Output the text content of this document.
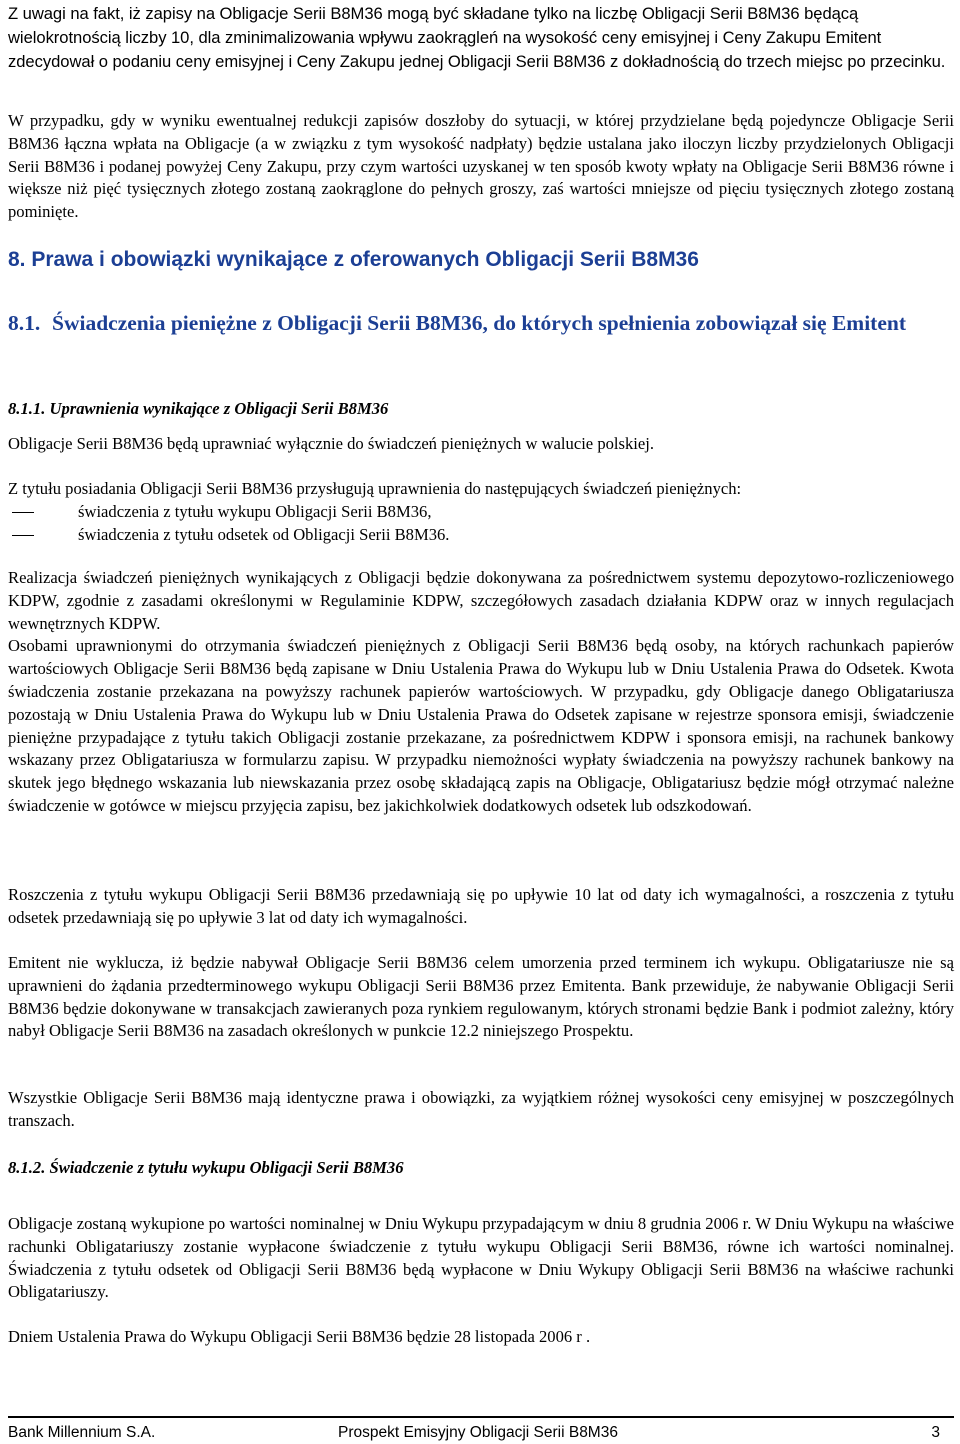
Z uwagi na fakt, iż zapisy na Obligacje Serii B8M36 mogą być składane tylko na liczbę Obligacji Serii B8M36 będącą wielokrotnością liczby 10, dla zminimalizowania wpływu zaokrągleń na wysokość ceny emisyjnej i Ceny Zakupu Emitent zdecydował o podaniu ceny emisyjnej i Ceny Zakupu jednej Obligacji Serii B8M36 z dokładnością do trzech miejsc po przecinku.

W przypadku, gdy w wyniku ewentualnej redukcji zapisów doszłoby do sytuacji, w której przydzielane będą pojedyncze Obligacje Serii B8M36 łączna wpłata na Obligacje (a w związku z tym wysokość nadpłaty) będzie ustalana jako iloczyn liczby przydzielonych Obligacji Serii B8M36 i podanej powyżej Ceny Zakupu, przy czym wartości uzyskanej w ten sposób kwoty wpłaty na Obligacje Serii B8M36 równe i większe niż pięć tysięcznych złotego zostaną zaokrąglone do pełnych groszy, zaś wartości mniejsze od pięciu tysięcznych złotego zostaną pominięte.

8. Prawa i obowiązki wynikające z oferowanych Obligacji Serii B8M36
8.1. Świadczenia pieniężne z Obligacji Serii B8M36, do których spełnienia zobowiązał się Emitent
8.1.1. Uprawnienia wynikające z Obligacji Serii B8M36

Obligacje Serii B8M36 będą uprawniać wyłącznie do świadczeń pieniężnych w walucie polskiej.

Z tytułu posiadania Obligacji Serii B8M36 przysługują uprawnienia do następujących świadczeń pieniężnych:

świadczenia z tytułu wykupu Obligacji Serii B8M36,
świadczenia z tytułu odsetek od Obligacji Serii B8M36.

Realizacja świadczeń pieniężnych wynikających z Obligacji będzie dokonywana za pośrednictwem systemu depozytowo-rozliczeniowego KDPW, zgodnie z zasadami określonymi w Regulaminie KDPW, szczegółowych zasadach działania KDPW oraz w innych regulacjach wewnętrznych KDPW.

Osobami uprawnionymi do otrzymania świadczeń pieniężnych z Obligacji Serii B8M36 będą osoby, na których rachunkach papierów wartościowych Obligacje Serii B8M36 będą zapisane w Dniu Ustalenia Prawa do Wykupu lub w Dniu Ustalenia Prawa do Odsetek. Kwota świadczenia zostanie przekazana na powyższy rachunek papierów wartościowych. W przypadku, gdy Obligacje danego Obligatariusza pozostają w Dniu Ustalenia Prawa do Wykupu lub w Dniu Ustalenia Prawa do Odsetek zapisane w rejestrze sponsora emisji, świadczenie pieniężne przypadające z tytułu takich Obligacji zostanie przekazane, za pośrednictwem KDPW i sponsora emisji, na rachunek bankowy wskazany przez Obligatariusza w formularzu zapisu. W przypadku niemożności wypłaty świadczenia na powyższy rachunek bankowy na skutek jego błędnego wskazania lub niewskazania przez osobę składającą zapis na Obligacje, Obligatariusz będzie mógł otrzymać należne świadczenie w gotówce w miejscu przyjęcia zapisu, bez jakichkolwiek dodatkowych odsetek lub odszkodowań.

Roszczenia z tytułu wykupu Obligacji Serii B8M36 przedawniają się po upływie 10 lat od daty ich wymagalności, a roszczenia z tytułu odsetek przedawniają się po upływie 3 lat od daty ich wymagalności.

Emitent nie wyklucza, iż będzie nabywał Obligacje Serii B8M36 celem umorzenia przed terminem ich wykupu. Obligatariusze nie są uprawnieni do żądania przedterminowego wykupu Obligacji Serii B8M36 przez Emitenta. Bank przewiduje, że nabywanie Obligacji Serii B8M36 będzie dokonywane w transakcjach zawieranych poza rynkiem regulowanym, których stronami będzie Bank i podmiot zależny, który nabył Obligacje Serii B8M36 na zasadach określonych w punkcie 12.2 niniejszego Prospektu.

Wszystkie Obligacje Serii B8M36 mają identyczne prawa i obowiązki, za wyjątkiem różnej wysokości ceny emisyjnej w poszczególnych transzach.

8.1.2. Świadczenie z tytułu wykupu Obligacji Serii B8M36

Obligacje zostaną wykupione po wartości nominalnej w Dniu Wykupu przypadającym w dniu 8 grudnia 2006 r. W Dniu Wykupu na właściwe rachunki Obligatariuszy zostanie wypłacone świadczenie z tytułu wykupu Obligacji Serii B8M36, równe ich wartości nominalnej. Świadczenia z tytułu odsetek od Obligacji Serii B8M36 będą wypłacone w Dniu Wykupy Obligacji Serii B8M36 na właściwe rachunki Obligatariuszy.

Dniem Ustalenia Prawa do Wykupu Obligacji Serii B8M36 będzie 28 listopada 2006 r .

Bank Millennium S.A.	Prospekt Emisyjny Obligacji Serii B8M36	3
